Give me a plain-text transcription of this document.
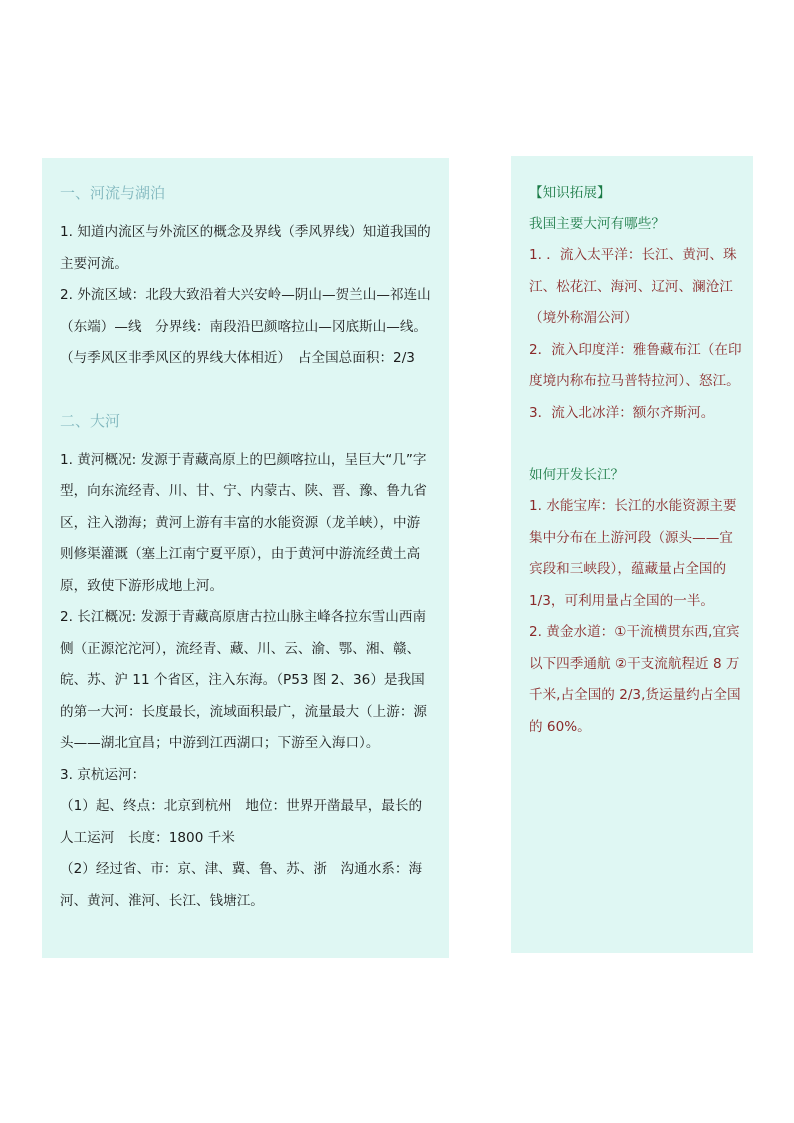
一、河流与湖泊

1. 知道内流区与外流区的概念及界线（季风界线）知道我国的主要河流。

2. 外流区域：北段大致沿着大兴安岭—阴山—贺兰山—祁连山（东端）—线　分界线：南段沿巴颜喀拉山—冈底斯山—线。（与季风区非季风区的界线大体相近）　占全国总面积：2/3

二、大河

1. 黄河概况: 发源于青藏高原上的巴颜喀拉山，呈巨大“几”字型，向东流经青、川、甘、宁、内蒙古、陕、晋、豫、鲁九省区，注入渤海；黄河上游有丰富的水能资源（龙羊峡），中游则修渠灌溉（塞上江南宁夏平原），由于黄河中游流经黄土高原，致使下游形成地上河。

2. 长江概况: 发源于青藏高原唐古拉山脉主峰各拉东雪山西南侧（正源沱沱河），流经青、藏、川、云、渝、鄂、湘、赣、皖、苏、沪 11 个省区，注入东海。（P53 图 2、36）是我国的第一大河：长度最长，流域面积最广，流量最大（上游：源头——湖北宜昌；中游到江西湖口；下游至入海口）。

3. 京杭运河：

（1）起、终点：北京到杭州　地位：世界开凿最早，最长的人工运河　长度：1800 千米

（2）经过省、市：京、津、冀、鲁、苏、浙　沟通水系：海河、黄河、淮河、长江、钱塘江。

【知识拓展】

我国主要大河有哪些？

1. ．流入太平洋：长江、黄河、珠江、松花江、海河、辽河、澜沧江（境外称湄公河）

2．流入印度洋：雅鲁藏布江（在印度境内称布拉马普特拉河）、怒江。

3．流入北冰洋：额尔齐斯河。

如何开发长江？

1. 水能宝库：长江的水能资源主要集中分布在上游河段（源头——宜宾段和三峡段），蕴藏量占全国的 1/3，可利用量占全国的一半。

2. 黄金水道：①干流横贯东西,宜宾以下四季通航 ②干支流航程近 8 万千米,占全国的 2/3,货运量约占全国的 60%。
